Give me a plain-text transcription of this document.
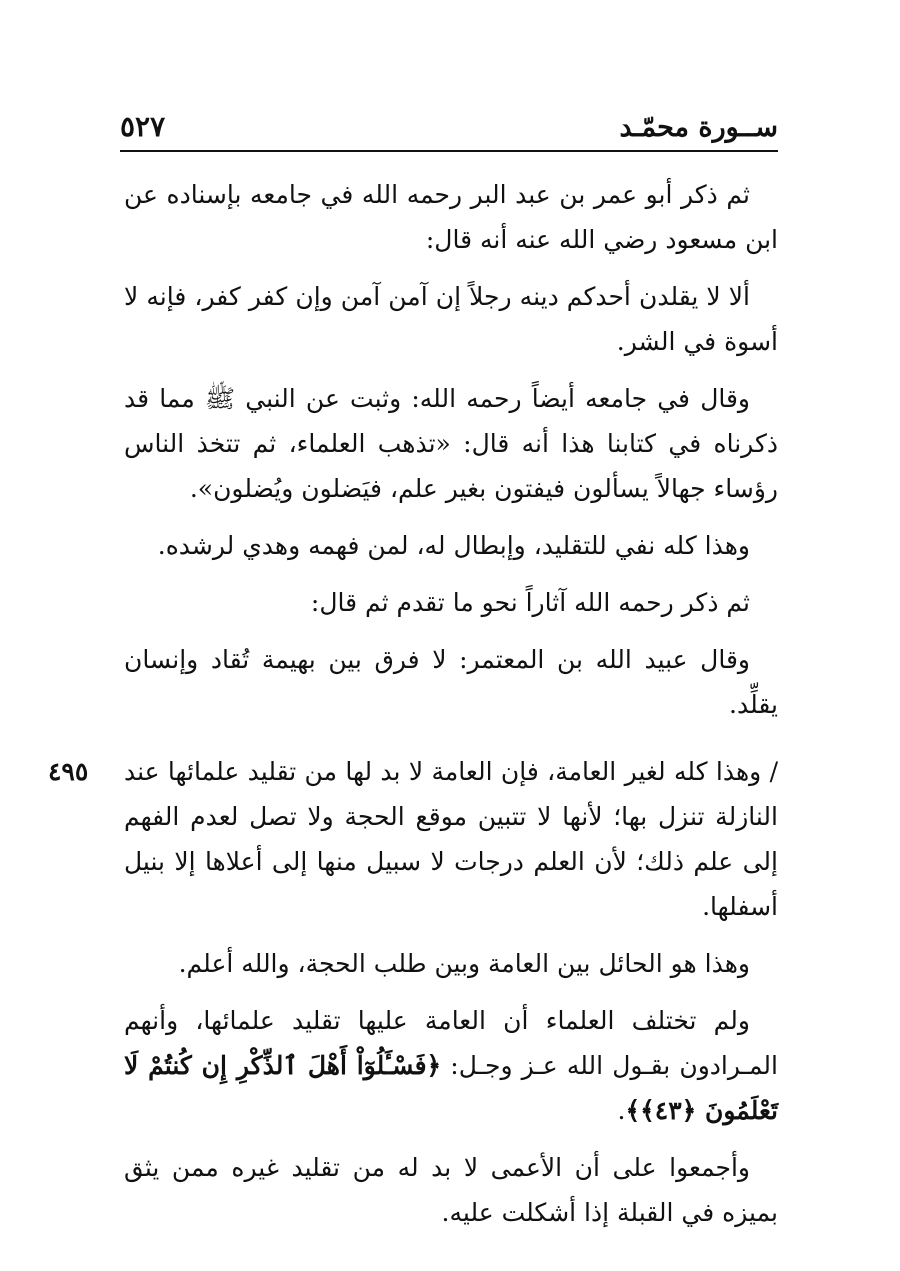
ســورة محمّـد
٥٢٧

ثم ذكر أبو عمر بن عبد البر رحمه الله في جامعه بإسناده عن ابن مسعود رضي الله عنه أنه قال:

ألا لا يقلدن أحدكم دينه رجلاً إن آمن آمن وإن كفر كفر، فإنه لا أسوة في الشر.

وقال في جامعه أيضاً رحمه الله: وثبت عن النبي ﷺ مما قد ذكرناه في كتابنا هذا أنه قال: «تذهب العلماء، ثم تتخذ الناس رؤساء جهالاً يسألون فيفتون بغير علم، فيَضلون ويُضلون».

وهذا كله نفي للتقليد، وإبطال له، لمن فهمه وهدي لرشده.

ثم ذكر رحمه الله آثاراً نحو ما تقدم ثم قال:

وقال عبيد الله بن المعتمر: لا فرق بين بهيمة تُقاد وإنسان يقلِّد.

٤٩٥ / وهذا كله لغير العامة، فإن العامة لا بد لها من تقليد علمائها عند النازلة تنزل بها؛ لأنها لا تتبين موقع الحجة ولا تصل لعدم الفهم إلى علم ذلك؛ لأن العلم درجات لا سبيل منها إلى أعلاها إلا بنيل أسفلها.

وهذا هو الحائل بين العامة وبين طلب الحجة، والله أعلم.

ولم تختلف العلماء أن العامة عليها تقليد علمائها، وأنهم المـرادون بقـول الله عـز وجـل: ﴿فَسْـَٔلُوٓاْ أَهْلَ ٱلذِّكْرِ إِن كُنتُمْ لَا تَعْلَمُونَ ﴿٤٣﴾﴾.

وأجمعوا على أن الأعمى لا بد له من تقليد غيره ممن يثق بميزه في القبلة إذا أشكلت عليه.
